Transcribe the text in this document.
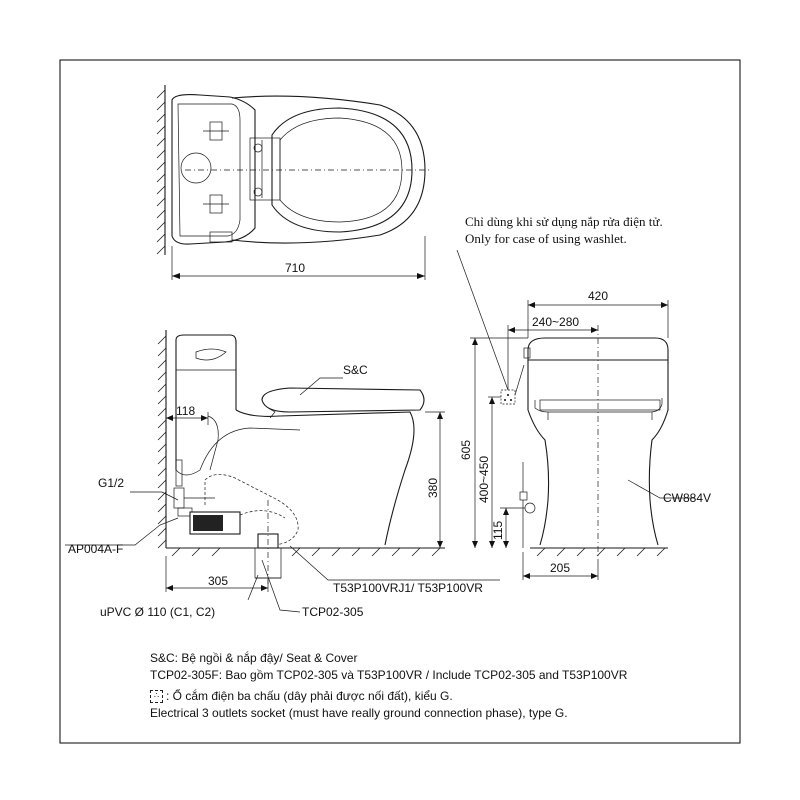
710
118
380
305
S&C
G1/2
AP004A-F
T53P100VRJ1/ T53P100VR
uPVC Ø 110 (C1, C2)	TCP02-305
420
240~280
605
400~450
115
205
CW884V
Chỉ dùng khi sử dụng nắp rửa điện tử.
Only for case of using washlet.
S&C: Bệ ngồi & nắp đậy/ Seat & Cover
TCP02-305F: Bao gồm TCP02-305 và T53P100VR / Include TCP02-305 and T53P100VR
∴ : Ổ cắm điện ba chấu (dây phải được nối đất), kiểu G.
Electrical 3 outlets socket (must have really ground connection phase), type G.
